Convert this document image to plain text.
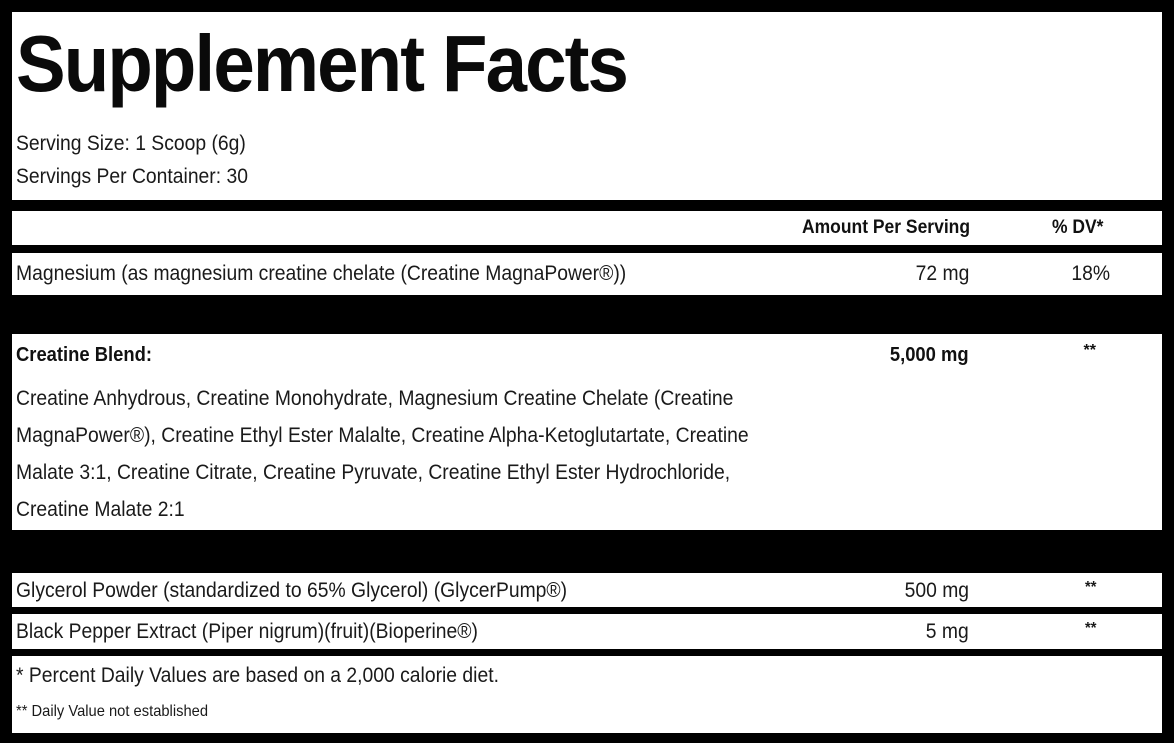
Supplement Facts
Serving Size: 1 Scoop (6g)
Servings Per Container: 30
Amount Per Serving	% DV*
Magnesium (as magnesium creatine chelate (Creatine MagnaPower®))	72 mg	18%
Creatine Blend:	5,000 mg	**
Creatine Anhydrous, Creatine Monohydrate, Magnesium Creatine Chelate (Creatine MagnaPower®), Creatine Ethyl Ester Malalte, Creatine Alpha-Ketoglutartate, Creatine Malate 3:1, Creatine Citrate, Creatine Pyruvate, Creatine Ethyl Ester Hydrochloride, Creatine Malate 2:1
Glycerol Powder (standardized to 65% Glycerol) (GlycerPump®)	500 mg	**
Black Pepper Extract (Piper nigrum)(fruit)(Bioperine®)	5 mg	**
* Percent Daily Values are based on a 2,000 calorie diet.
** Daily Value not established
